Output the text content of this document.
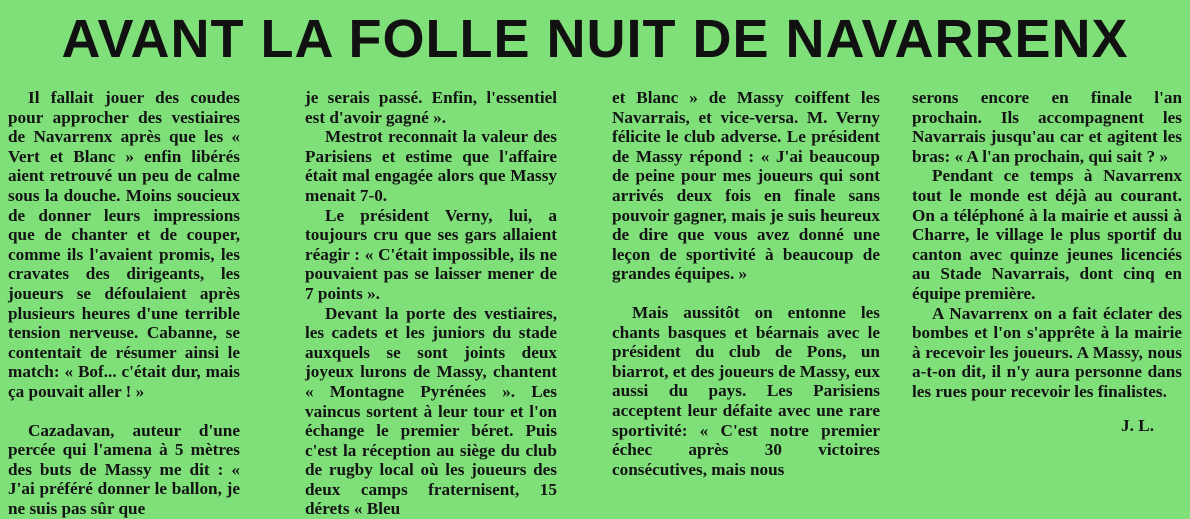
AVANT LA FOLLE NUIT DE NAVARRENX

Il fallait jouer des coudes pour approcher des vestiaires de Navarrenx après que les « Vert et Blanc » enfin libérés aient retrouvé un peu de calme sous la douche. Moins soucieux de donner leurs impressions que de chanter et de couper, comme ils l'avaient promis, les cravates des dirigeants, les joueurs se défoulaient après plusieurs heures d'une terrible tension nerveuse. Cabanne, se contentait de résumer ainsi le match: « Bof... c'était dur, mais ça pouvait aller ! »

Cazadavan, auteur d'une percée qui l'amena à 5 mètres des buts de Massy me dit : « J'ai préféré donner le ballon, je ne suis pas sûr que

je serais passé. Enfin, l'essentiel est d'avoir gagné ».

Mestrot reconnait la valeur des Parisiens et estime que l'affaire était mal engagée alors que Massy menait 7-0.

Le président Verny, lui, a toujours cru que ses gars allaient réagir : « C'était impossible, ils ne pouvaient pas se laisser mener de 7 points ».

Devant la porte des vestiaires, les cadets et les juniors du stade auxquels se sont joints deux joyeux lurons de Massy, chantent « Montagne Pyrénées ». Les vaincus sortent à leur tour et l'on échange le premier béret. Puis c'est la réception au siège du club de rugby local où les joueurs des deux camps fraternisent, 15 dérets « Bleu

et Blanc » de Massy coiffent les Navarrais, et vice-versa. M. Verny félicite le club adverse. Le président de Massy répond : « J'ai beaucoup de peine pour mes joueurs qui sont arrivés deux fois en finale sans pouvoir gagner, mais je suis heureux de dire que vous avez donné une leçon de sportivité à beaucoup de grandes équipes. »

Mais aussitôt on entonne les chants basques et béarnais avec le président du club de Pons, un biarrot, et des joueurs de Massy, eux aussi du pays. Les Parisiens acceptent leur défaite avec une rare sportivité: « C'est notre premier échec après 30 victoires consécutives, mais nous

serons encore en finale l'an prochain. Ils accompagnent les Navarrais jusqu'au car et agitent les bras: « A l'an prochain, qui sait ? »

Pendant ce temps à Navarrenx tout le monde est déjà au courant. On a téléphoné à la mairie et aussi à Charre, le village le plus sportif du canton avec quinze jeunes licenciés au Stade Navarrais, dont cinq en équipe première.

A Navarrenx on a fait éclater des bombes et l'on s'apprête à la mairie à recevoir les joueurs. A Massy, nous a-t-on dit, il n'y aura personne dans les rues pour recevoir les finalistes.

J. L.
